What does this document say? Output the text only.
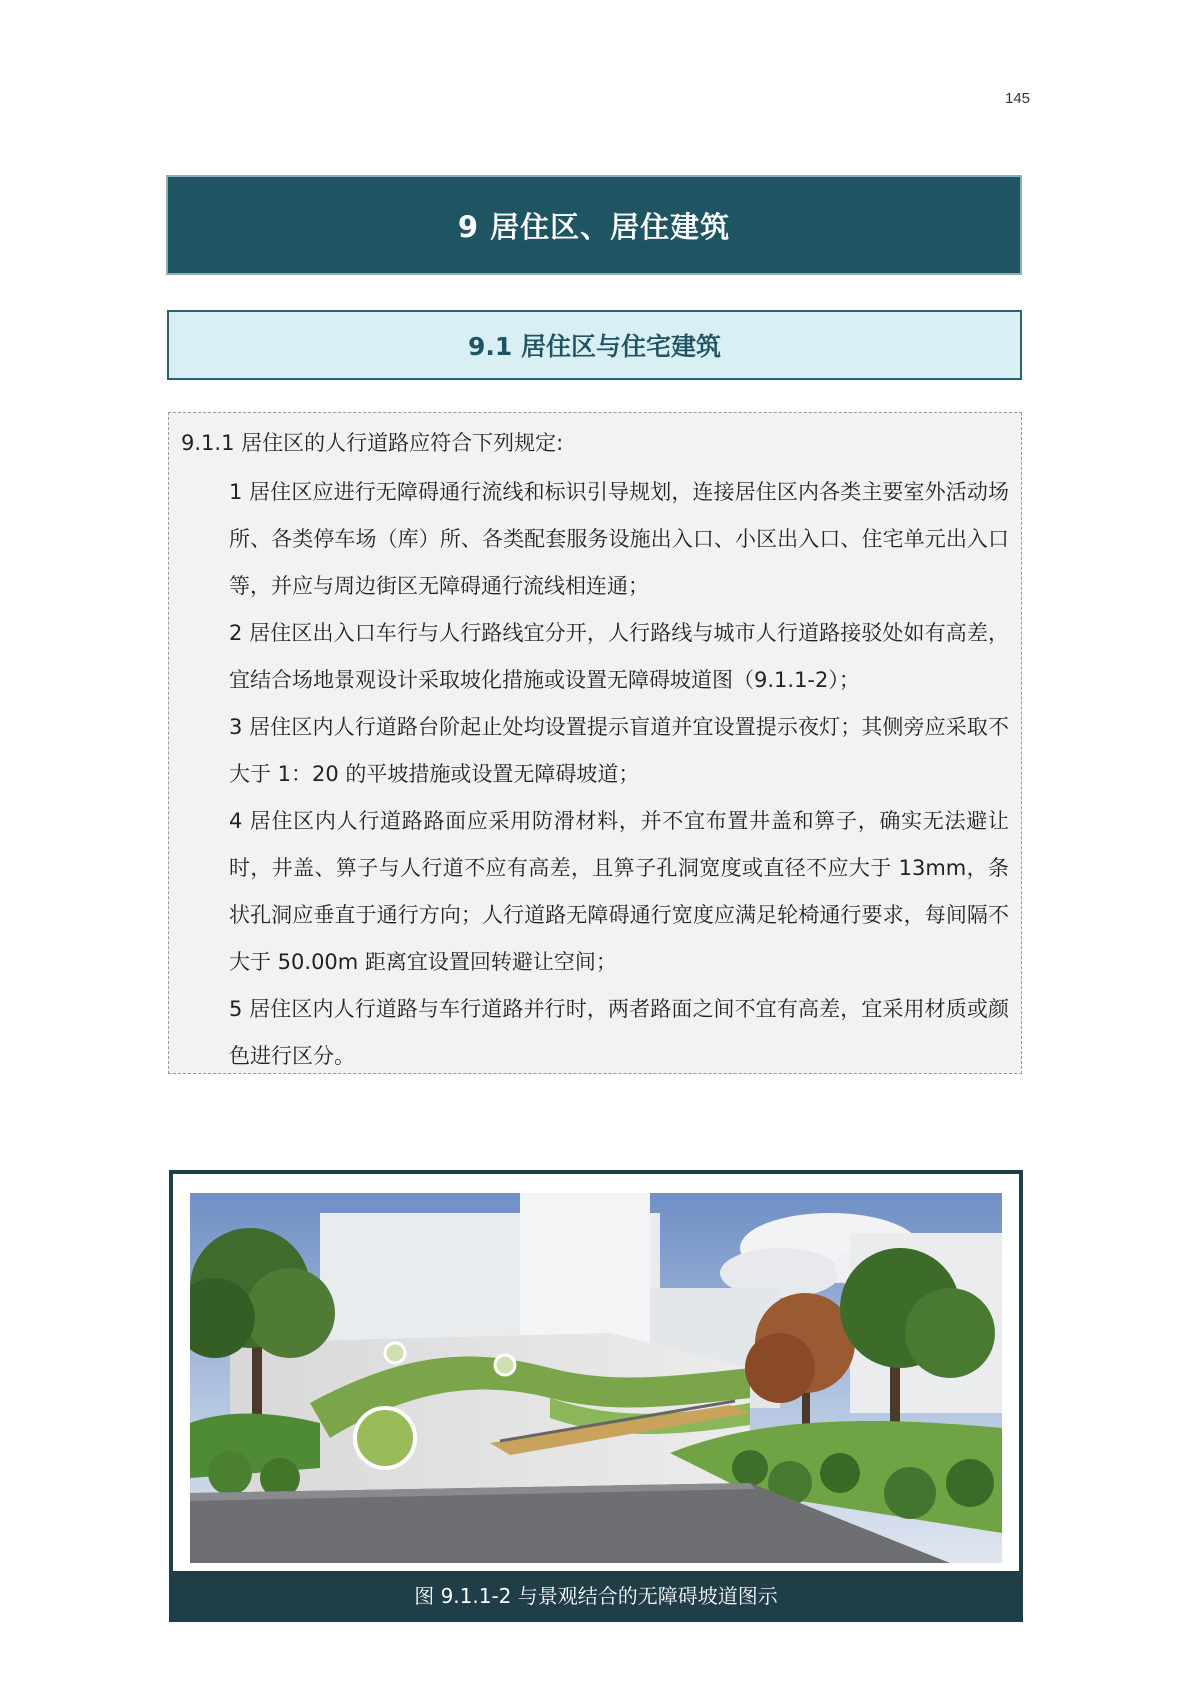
145
9 居住区、居住建筑
9.1 居住区与住宅建筑
9.1.1 居住区的人行道路应符合下列规定:
1 居住区应进行无障碍通行流线和标识引导规划，连接居住区内各类主要室外活动场所、各类停车场（库）所、各类配套服务设施出入口、小区出入口、住宅单元出入口等，并应与周边街区无障碍通行流线相连通；
2 居住区出入口车行与人行路线宜分开，人行路线与城市人行道路接驳处如有高差，宜结合场地景观设计采取坡化措施或设置无障碍坡道图（9.1.1-2）；
3 居住区内人行道路台阶起止处均设置提示盲道并宜设置提示夜灯；其侧旁应采取不大于 1：20 的平坡措施或设置无障碍坡道；
4 居住区内人行道路路面应采用防滑材料，并不宜布置井盖和箅子，确实无法避让时，井盖、箅子与人行道不应有高差，且箅子孔洞宽度或直径不应大于 13mm，条状孔洞应垂直于通行方向；人行道路无障碍通行宽度应满足轮椅通行要求，每间隔不大于 50.00m 距离宜设置回转避让空间；
5 居住区内人行道路与车行道路并行时，两者路面之间不宜有高差，宜采用材质或颜色进行区分。
图 9.1.1-2 与景观结合的无障碍坡道图示
